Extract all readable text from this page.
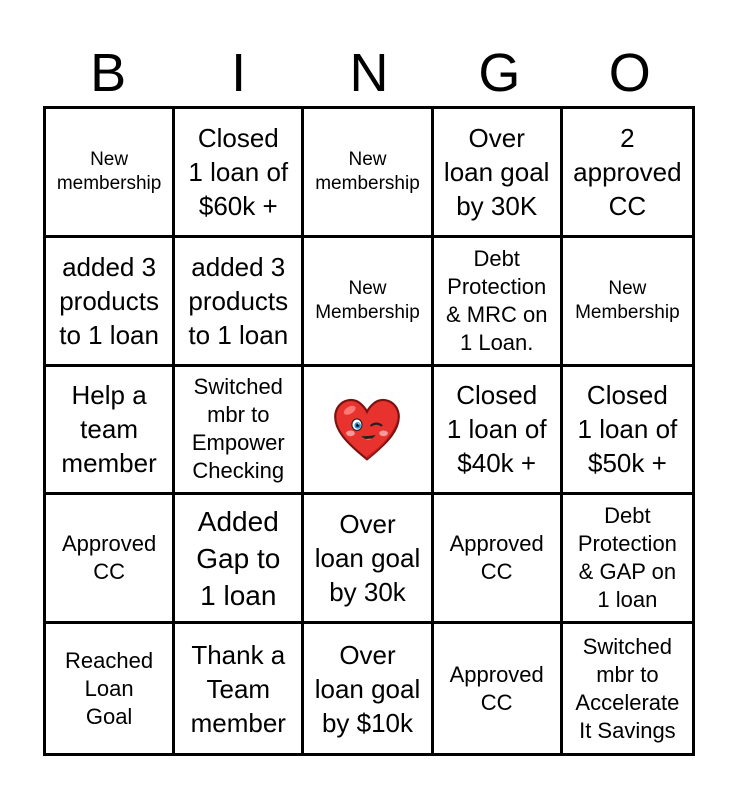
B	I	N	G	O
New
membership
Closed
1 loan of
$60k +
New
membership
Over
loan goal
by 30K
2
approved
CC
added 3
products
to 1 loan
added 3
products
to 1 loan
New
Membership
Debt
Protection
& MRC on
1 Loan.
New
Membership
Help a
team
member
Switched
mbr to
Empower
Checking
Closed
1 loan of
$40k +
Closed
1 loan of
$50k +
Approved
CC
Added
Gap to
1 loan
Over
loan goal
by 30k
Approved
CC
Debt
Protection
& GAP on
1 loan
Reached
Loan
Goal
Thank a
Team
member
Over
loan goal
by $10k
Approved
CC
Switched
mbr to
Accelerate
It Savings
